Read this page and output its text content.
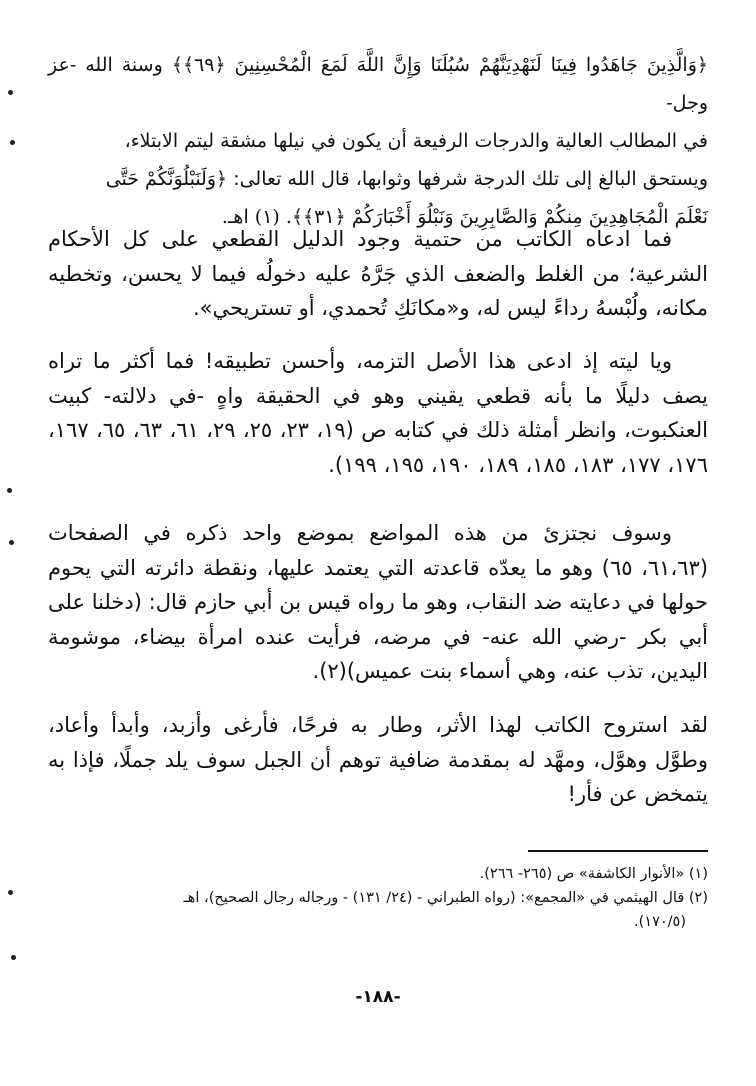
﴿وَالَّذِينَ جَاهَدُوا فِينَا لَنَهْدِيَنَّهُمْ سُبُلَنَا وَإِنَّ اللَّهَ لَمَعَ الْمُحْسِنِينَ ﴿٦٩﴾﴾ وسنة الله -عز وجل-

في المطالب العالية والدرجات الرفيعة أن يكون في نيلها مشقة ليتم الابتلاء،

ويستحق البالغ إلى تلك الدرجة شرفها وثوابها، قال الله تعالى: ﴿وَلَنَبْلُوَنَّكُمْ حَتَّى

نَعْلَمَ الْمُجَاهِدِينَ مِنكُمْ وَالصَّابِرِينَ وَنَبْلُوَ أَخْبَارَكُمْ ﴿٣١﴾﴾. (١) اهـ.

فما ادعاه الكاتب من حتمية وجود الدليل القطعي على كل الأحكام الشرعية؛ من الغلط والضعف الذي جَرَّهُ عليه دخولُه فيما لا يحسن، وتخطيه مكانه، ولُبْسهُ رداءً ليس له، و«مكانَكِ تُحمدي، أو تستريحي».

ويا ليته إذ ادعى هذا الأصل التزمه، وأحسن تطبيقه! فما أكثر ما تراه يصف دليلًا ما بأنه قطعي يقيني وهو في الحقيقة واهٍ -في دلالته- كبيت العنكبوت، وانظر أمثلة ذلك في كتابه ص (١٩، ٢٣، ٢٥، ٢٩، ٦١، ٦٣، ٦٥، ١٦٧، ١٧٦، ١٧٧، ١٨٣، ١٨٥، ١٨٩، ١٩٠، ١٩٥، ١٩٩).

وسوف نجتزئ من هذه المواضع بموضع واحد ذكره في الصفحات (٦١،٦٣، ٦٥) وهو ما يعدّه قاعدته التي يعتمد عليها، ونقطة دائرته التي يحوم حولها في دعايته ضد النقاب، وهو ما رواه قيس بن أبي حازم قال: (دخلنا على أبي بكر -رضي الله عنه- في مرضه، فرأيت عنده امرأة بيضاء، موشومة اليدين، تذب عنه، وهي أسماء بنت عميس)(٢).

لقد استروح الكاتب لهذا الأثر، وطار به فرحًا، فأرغى وأزبد، وأبدأ وأعاد، وطوَّل وهوَّل، ومهَّد له بمقدمة ضافية توهم أن الجبل سوف يلد جملًا، فإذا به يتمخض عن فأر!

(١) «الأنوار الكاشفة» ص (٢٦٥- ٢٦٦).

(٢) قال الهيثمي في «المجمع»: (رواه الطبراني - (٢٤/ ١٣١) - ورجاله رجال الصحيح)، اهـ

(١٧٠/٥).

-١٨٨-
